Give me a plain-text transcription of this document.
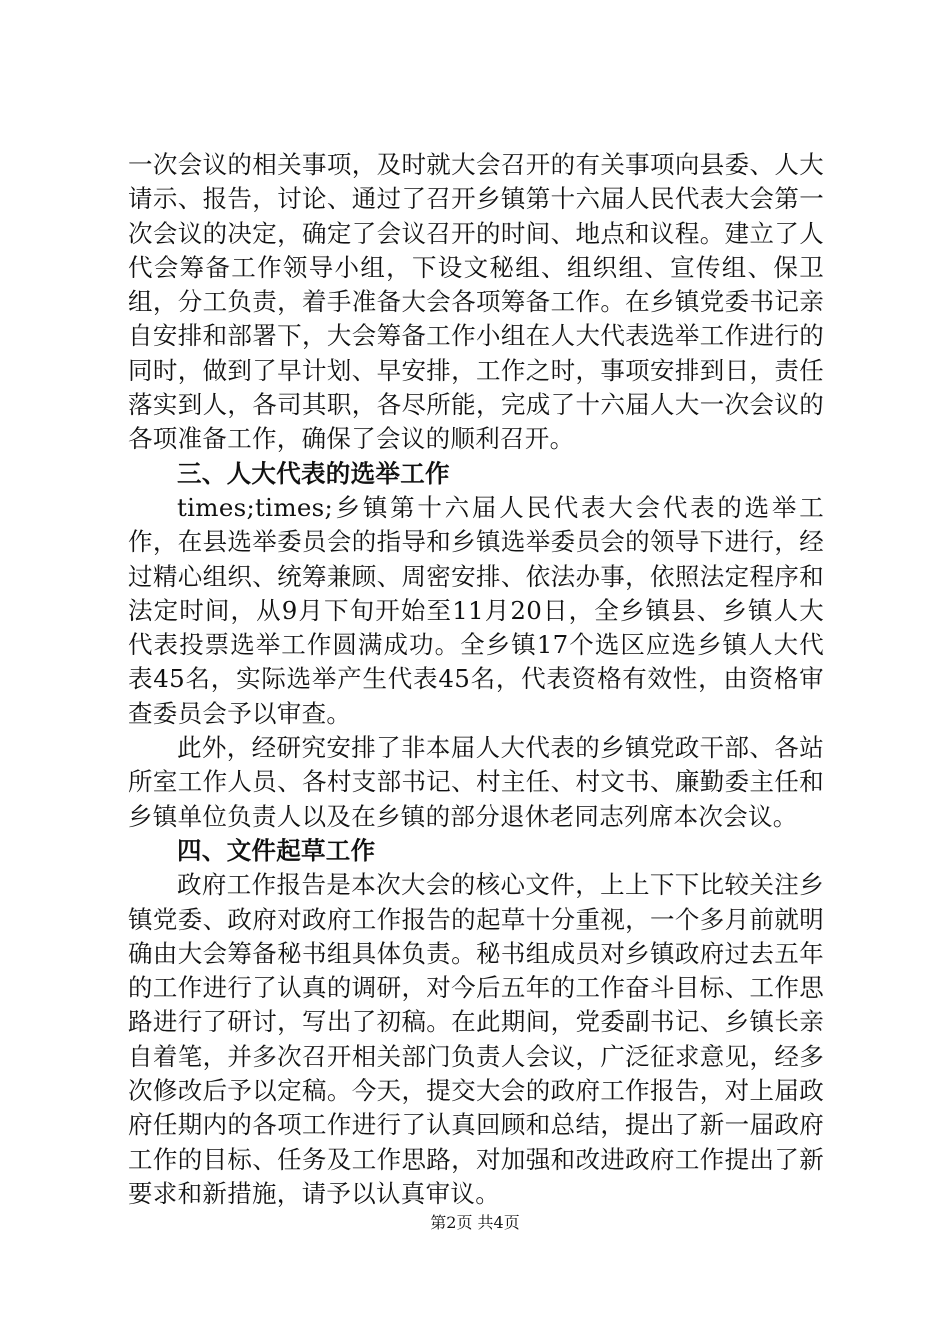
一次会议的相关事项，及时就大会召开的有关事项向县委、人大请示、报告，讨论、通过了召开乡镇第十六届人民代表大会第一次会议的决定，确定了会议召开的时间、地点和议程。建立了人代会筹备工作领导小组，下设文秘组、组织组、宣传组、保卫组，分工负责，着手准备大会各项筹备工作。在乡镇党委书记亲自安排和部署下，大会筹备工作小组在人大代表选举工作进行的同时，做到了早计划、早安排，工作之时，事项安排到日，责任落实到人，各司其职，各尽所能，完成了十六届人大一次会议的各项准备工作，确保了会议的顺利召开。

三、人大代表的选举工作

times;times;乡镇第十六届人民代表大会代表的选举工作，在县选举委员会的指导和乡镇选举委员会的领导下进行，经过精心组织、统筹兼顾、周密安排、依法办事，依照法定程序和法定时间，从9月下旬开始至11月20日，全乡镇县、乡镇人大代表投票选举工作圆满成功。全乡镇17个选区应选乡镇人大代表45名，实际选举产生代表45名，代表资格有效性，由资格审查委员会予以审查。

此外，经研究安排了非本届人大代表的乡镇党政干部、各站所室工作人员、各村支部书记、村主任、村文书、廉勤委主任和乡镇单位负责人以及在乡镇的部分退休老同志列席本次会议。

四、文件起草工作

政府工作报告是本次大会的核心文件，上上下下比较关注乡镇党委、政府对政府工作报告的起草十分重视，一个多月前就明确由大会筹备秘书组具体负责。秘书组成员对乡镇政府过去五年的工作进行了认真的调研，对今后五年的工作奋斗目标、工作思路进行了研讨，写出了初稿。在此期间，党委副书记、乡镇长亲自着笔，并多次召开相关部门负责人会议，广泛征求意见，经多次修改后予以定稿。今天，提交大会的政府工作报告，对上届政府任期内的各项工作进行了认真回顾和总结，提出了新一届政府工作的目标、任务及工作思路，对加强和改进政府工作提出了新要求和新措施，请予以认真审议。

第2页 共4页
